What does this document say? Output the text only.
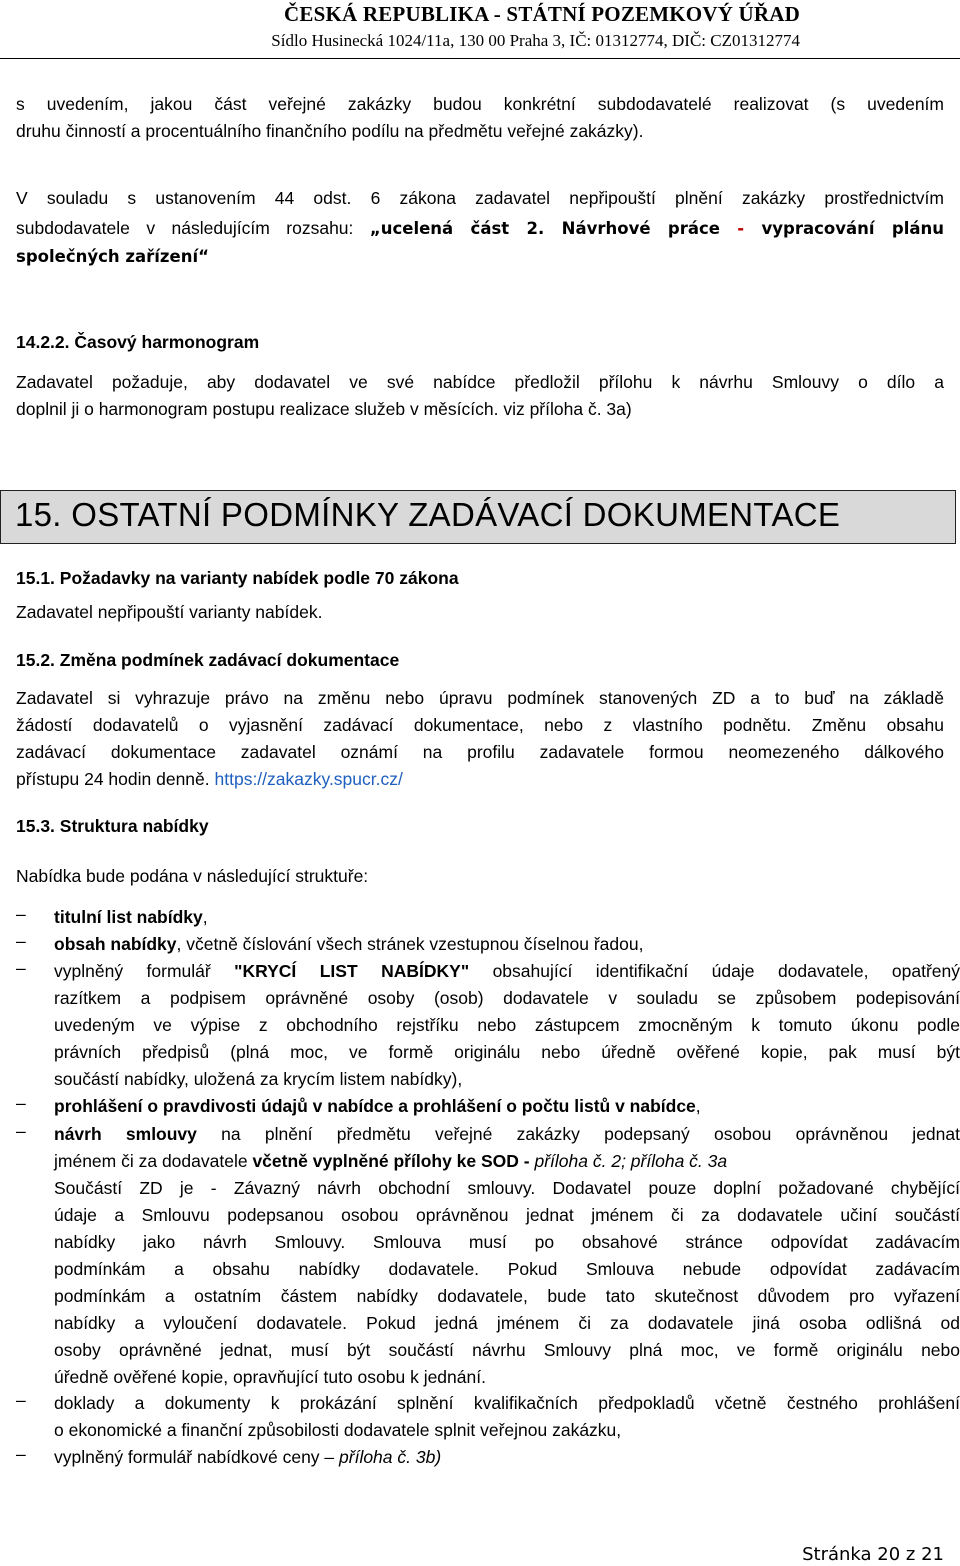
ČESKÁ REPUBLIKA - STÁTNÍ POZEMKOVÝ ÚŘAD
Sídlo Husinecká 1024/11a, 130 00 Praha 3, IČ: 01312774, DIČ: CZ01312774

s uvedením, jakou část veřejné zakázky budou konkrétní subdodavatelé realizovat (s uvedením

druhu činností a procentuálního finančního podílu na předmětu veřejné zakázky).

V souladu s ustanovením 44 odst. 6 zákona zadavatel nepřipouští plnění zakázky prostřednictvím

subdodavatele v následujícím rozsahu: „ucelená část 2. Návrhové práce - vypracování plánu

společných zařízení“

14.2.2. Časový harmonogram

Zadavatel požaduje, aby dodavatel ve své nabídce předložil přílohu k návrhu Smlouvy o dílo a

doplnil ji o harmonogram postupu realizace služeb v měsících. viz příloha č. 3a)

15. OSTATNÍ PODMÍNKY ZADÁVACÍ DOKUMENTACE

15.1. Požadavky na varianty nabídek podle 70 zákona

Zadavatel nepřipouští varianty nabídek.

15.2. Změna podmínek zadávací dokumentace

Zadavatel si vyhrazuje právo na změnu nebo úpravu podmínek stanovených ZD a to buď na základě

žádostí dodavatelů o vyjasnění zadávací dokumentace, nebo z vlastního podnětu. Změnu obsahu

zadávací dokumentace zadavatel oznámí na profilu zadavatele formou neomezeného dálkového

přístupu 24 hodin denně. https://zakazky.spucr.cz/

15.3. Struktura nabídky

Nabídka bude podána v následující struktuře:

–	titulní list nabídky,
–	obsah nabídky, včetně číslování všech stránek vzestupnou číselnou řadou,
–	vyplněný formulář "KRYCÍ LIST NABÍDKY" obsahující identifikační údaje dodavatele, opatřený
razítkem a podpisem oprávněné osoby (osob) dodavatele v souladu se způsobem podepisování
uvedeným ve výpise z obchodního rejstříku nebo zástupcem zmocněným k tomuto úkonu podle
právních předpisů (plná moc, ve formě originálu nebo úředně ověřené kopie, pak musí být
součástí nabídky, uložená za krycím listem nabídky),
–	prohlášení o pravdivosti údajů v nabídce a prohlášení o počtu listů v nabídce,
–	návrh smlouvy na plnění předmětu veřejné zakázky podepsaný osobou oprávněnou jednat
jménem či za dodavatele včetně vyplněné přílohy ke SOD - příloha č. 2; příloha č. 3a
Součástí ZD je - Závazný návrh obchodní smlouvy. Dodavatel pouze doplní požadované chybějící
údaje a Smlouvu podepsanou osobou oprávněnou jednat jménem či za dodavatele učiní součástí
nabídky jako návrh Smlouvy. Smlouva musí po obsahové stránce odpovídat zadávacím
podmínkám a obsahu nabídky dodavatele. Pokud Smlouva nebude odpovídat zadávacím
podmínkám a ostatním částem nabídky dodavatele, bude tato skutečnost důvodem pro vyřazení
nabídky a vyloučení dodavatele. Pokud jedná jménem či za dodavatele jiná osoba odlišná od
osoby oprávněné jednat, musí být součástí návrhu Smlouvy plná moc, ve formě originálu nebo
úředně ověřené kopie, opravňující tuto osobu k jednání.
–	doklady a dokumenty k prokázání splnění kvalifikačních předpokladů včetně čestného prohlášení
o ekonomické a finanční způsobilosti dodavatele splnit veřejnou zakázku,
–	vyplněný formulář nabídkové ceny – příloha č. 3b)
Stránka 20 z 21
